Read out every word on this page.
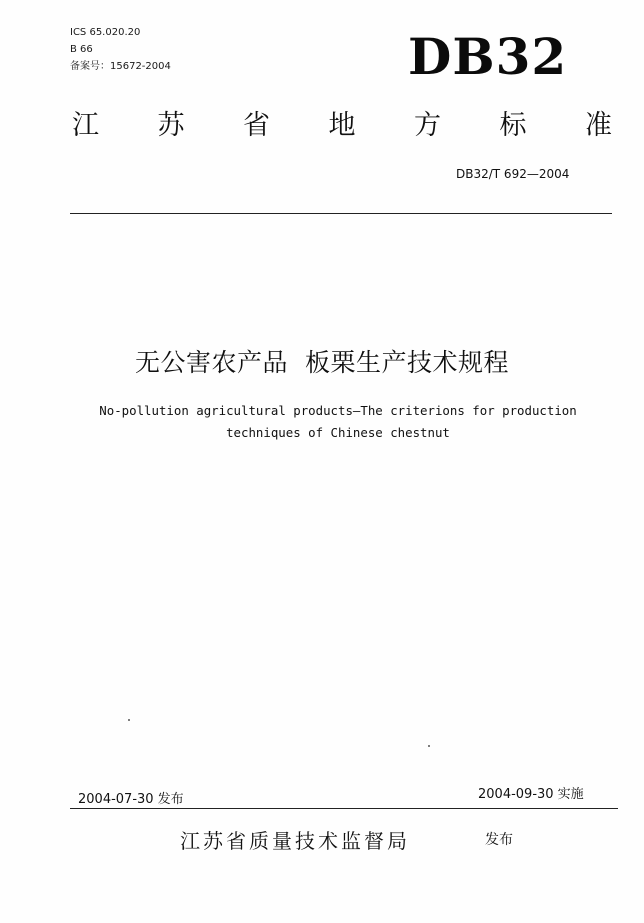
ICS 65.020.20
B 66
备案号：15672-2004	DB32
江 苏 省 地 方 标 准
DB32/T 692—2004
无公害农产品  板栗生产技术规程
No-pollution agricultural products—The criterions for production
techniques of Chinese chestnut
2004-07-30 发布	2004-09-30 实施
江苏省质量技术监督局	发布
